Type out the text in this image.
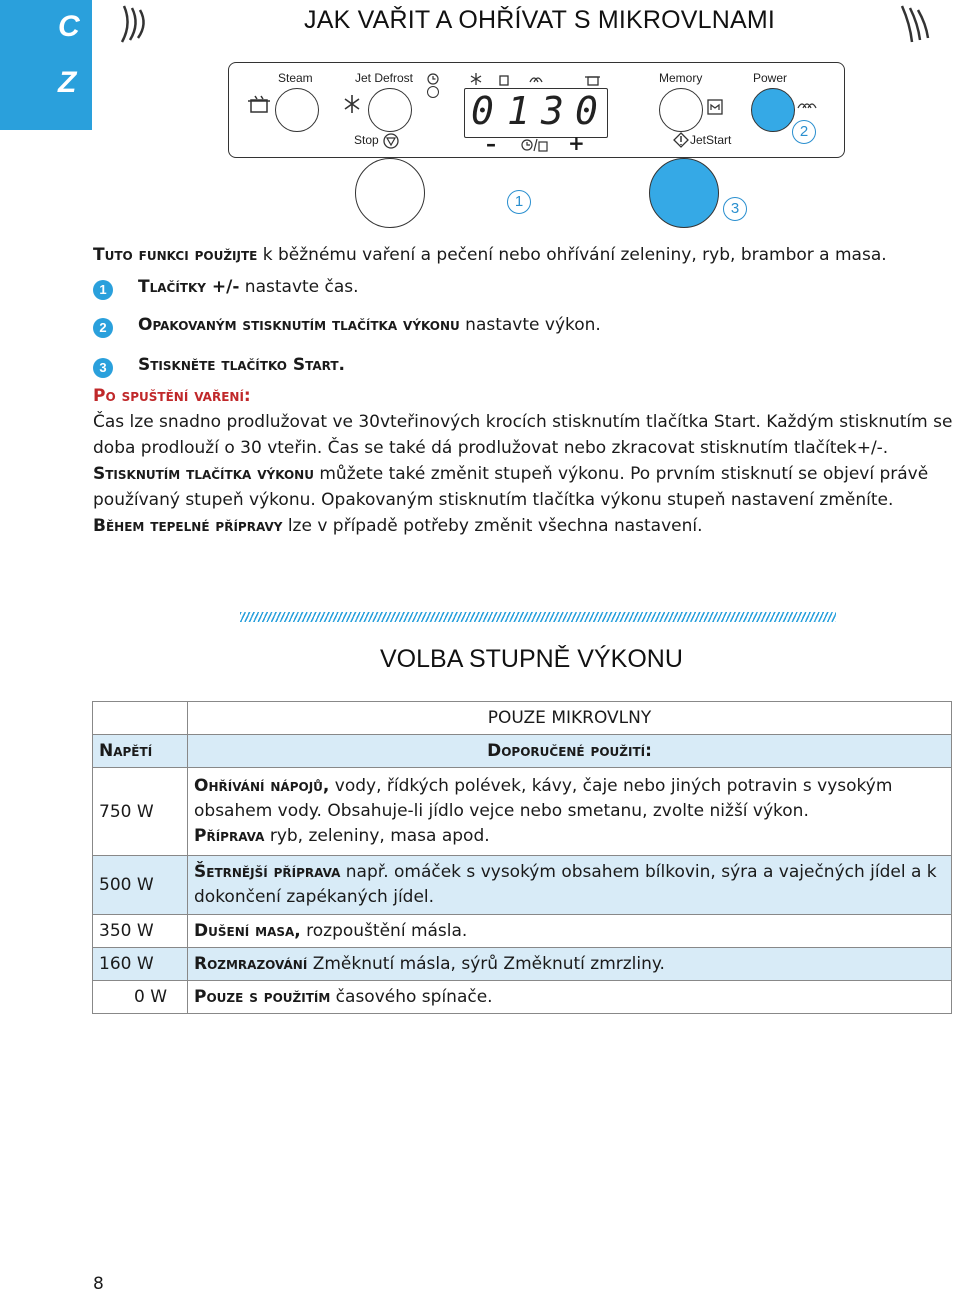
C
Z
JAK VAŘIT A OHŘÍVAT S MIKROVLNAMI
Steam	Jet Defrost
Stop
Memory	Power
JetStart
0 1 3 0
–	+	2
1	3
Tuto funkci použijte k běžnému vaření a pečení nebo ohřívání zeleniny, ryb, brambor a masa.
1	Tlačítky +/- nastavte čas.
2	Opakovaným stisknutím tlačítka výkonu nastavte výkon.
3	Stiskněte tlačítko Start.
Po spuštění vaření:
Čas lze snadno prodlužovat ve 30vteřinových krocích stisknutím tlačítka Start. Každým stisknutím se doba prodlouží o 30 vteřin. Čas se také dá prodlužovat nebo zkracovat stisknutím tlačítek+/-.
Stisknutím tlačítka výkonu můžete také změnit stupeň výkonu. Po prvním stisknutí se objeví právě používaný stupeň výkonu. Opakovaným stisknutím tlačítka výkonu stupeň nastavení změníte.
Během tepelné přípravy lze v případě potřeby změnit všechna nastavení.
VOLBA STUPNĚ VÝKONU
	POUZE MIKROVLNY
Napětí	Doporučené použití:
750 W	Ohřívání nápojů, vody, řídkých polévek, kávy, čaje nebo jiných potravin s vysokým obsahem vody. Obsahuje-li jídlo vejce nebo smetanu, zvolte nižší výkon.
Příprava ryb, zeleniny, masa apod.
500 W	Šetrnější příprava např. omáček s vysokým obsahem bílkovin, sýra a vaječných jídel a k dokončení zapékaných jídel.
350 W	Dušení masa, rozpouštění másla.
160 W	Rozmrazování Změknutí másla, sýrů Změknutí zmrzliny.
0 W	Pouze s použitím časového spínače.
8
